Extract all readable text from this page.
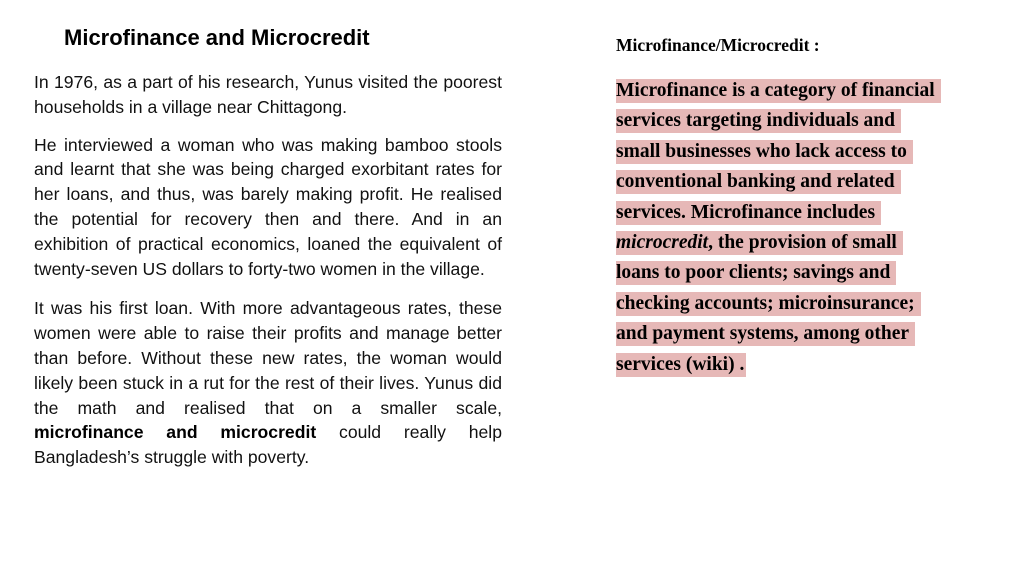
Microfinance and Microcredit

In 1976, as a part of his research, Yunus visited the poorest households in a village near Chittagong.

He interviewed a woman who was making bamboo stools and learnt that she was being charged exorbitant rates for her loans, and thus, was barely making profit. He realised the potential for recovery then and there. And in an exhibition of practical economics, loaned the equivalent of twenty-seven US dollars to forty-two women in the village.

It was his first loan. With more advantageous rates, these women were able to raise their profits and manage better than before. Without these new rates, the woman would likely been stuck in a rut for the rest of their lives. Yunus did the math and realised that on a smaller scale, microfinance and microcredit could really help Bangladesh’s struggle with poverty.

Microfinance/Microcredit :
Microfinance is a category of financial
services targeting individuals and
small businesses who lack access to
conventional banking and related
services. Microfinance includes
microcredit, the provision of small
loans to poor clients; savings and
checking accounts; microinsurance;
and payment systems, among other
services (wiki) .
